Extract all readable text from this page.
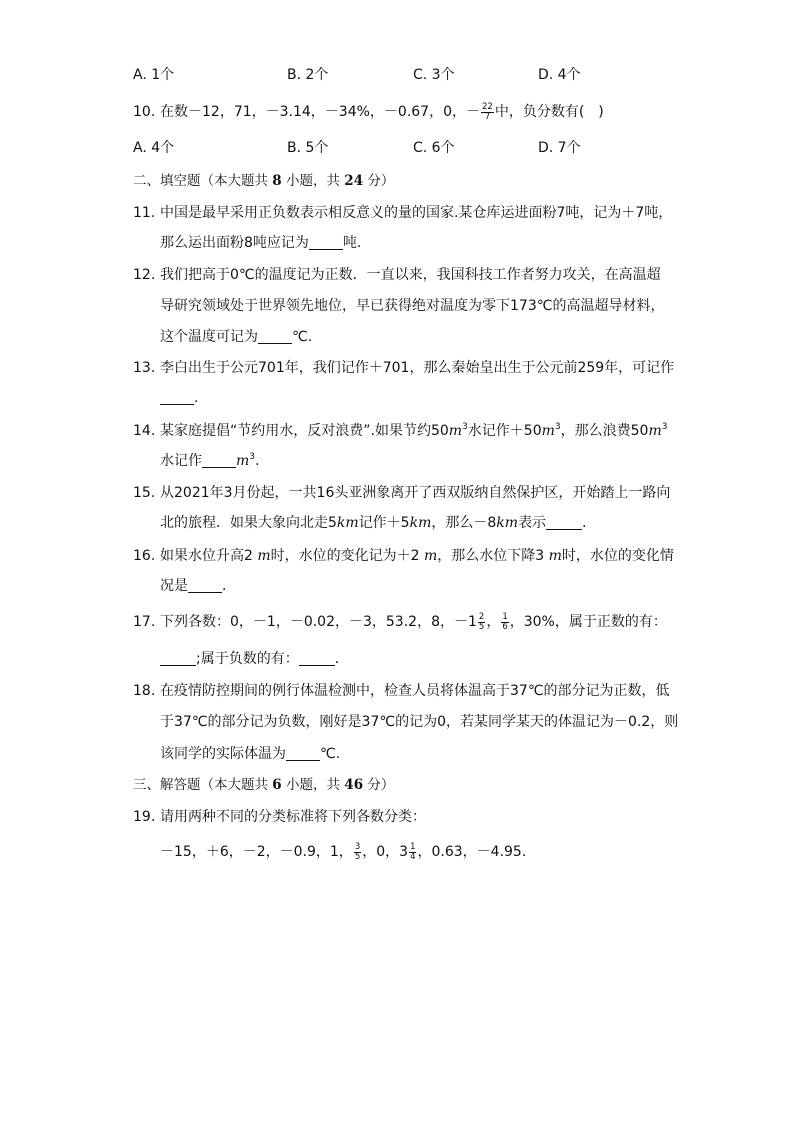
A. 1个	B. 2个	C. 3个	D. 4个
10. 在数－12，71，－3.14，－34%，－0.67，0，－ $\frac{22}{7}$ 中，负分数有(　)
A. 4个	B. 5个	C. 6个	D. 7个
二、填空题（本大题共 8 小题，共 24 分）
11. 中国是最早采用正负数表示相反意义的量的国家.某仓库运进面粉7吨，记为＋7吨，
那么运出面粉8吨应记为 吨.
12. 我们把高于0℃的温度记为正数．一直以来，我国科技工作者努力攻关，在高温超
导研究领域处于世界领先地位，早已获得绝对温度为零下173℃的高温超导材料，
这个温度可记为 ℃.
13. 李白出生于公元701年，我们记作＋701，那么秦始皇出生于公元前259年，可记作
.
14. 某家庭提倡“节约用水，反对浪费”.如果节约$50m^3$水记作$+50m^3$，那么浪费$50m^3$
水记作 $m^3$.
15. 从2021年3月份起，一共16头亚洲象离开了西双版纳自然保护区，开始踏上一路向
北的旅程．如果大象向北走5km记作＋5km，那么－8km表示	．
16. 如果水位升高2 m时，水位的变化记为＋2 m，那么水位下降3 m时，水位的变化情
况是 ．
17. 下列各数：0，－1，－0.02，－3，53.2，8，$-1 \frac{2}{5}$ ， $\frac{1}{6}$ ，30%，属于正数的有：
;属于负数的有：	．
18. 在疫情防控期间的例行体温检测中，检查人员将体温高于37℃的部分记为正数，低
于37℃的部分记为负数，刚好是37℃的记为0，若某同学某天的体温记为－0.2，则
该同学的实际体温为 ℃.
三、解答题（本大题共 6 小题，共 46 分）
19. 请用两种不同的分类标准将下列各数分类：
－15，＋6，－2，－0.9，1， $\frac{3}{5}$ ，0，$3 \frac{1}{4}$ ，0.63，－4.95.
